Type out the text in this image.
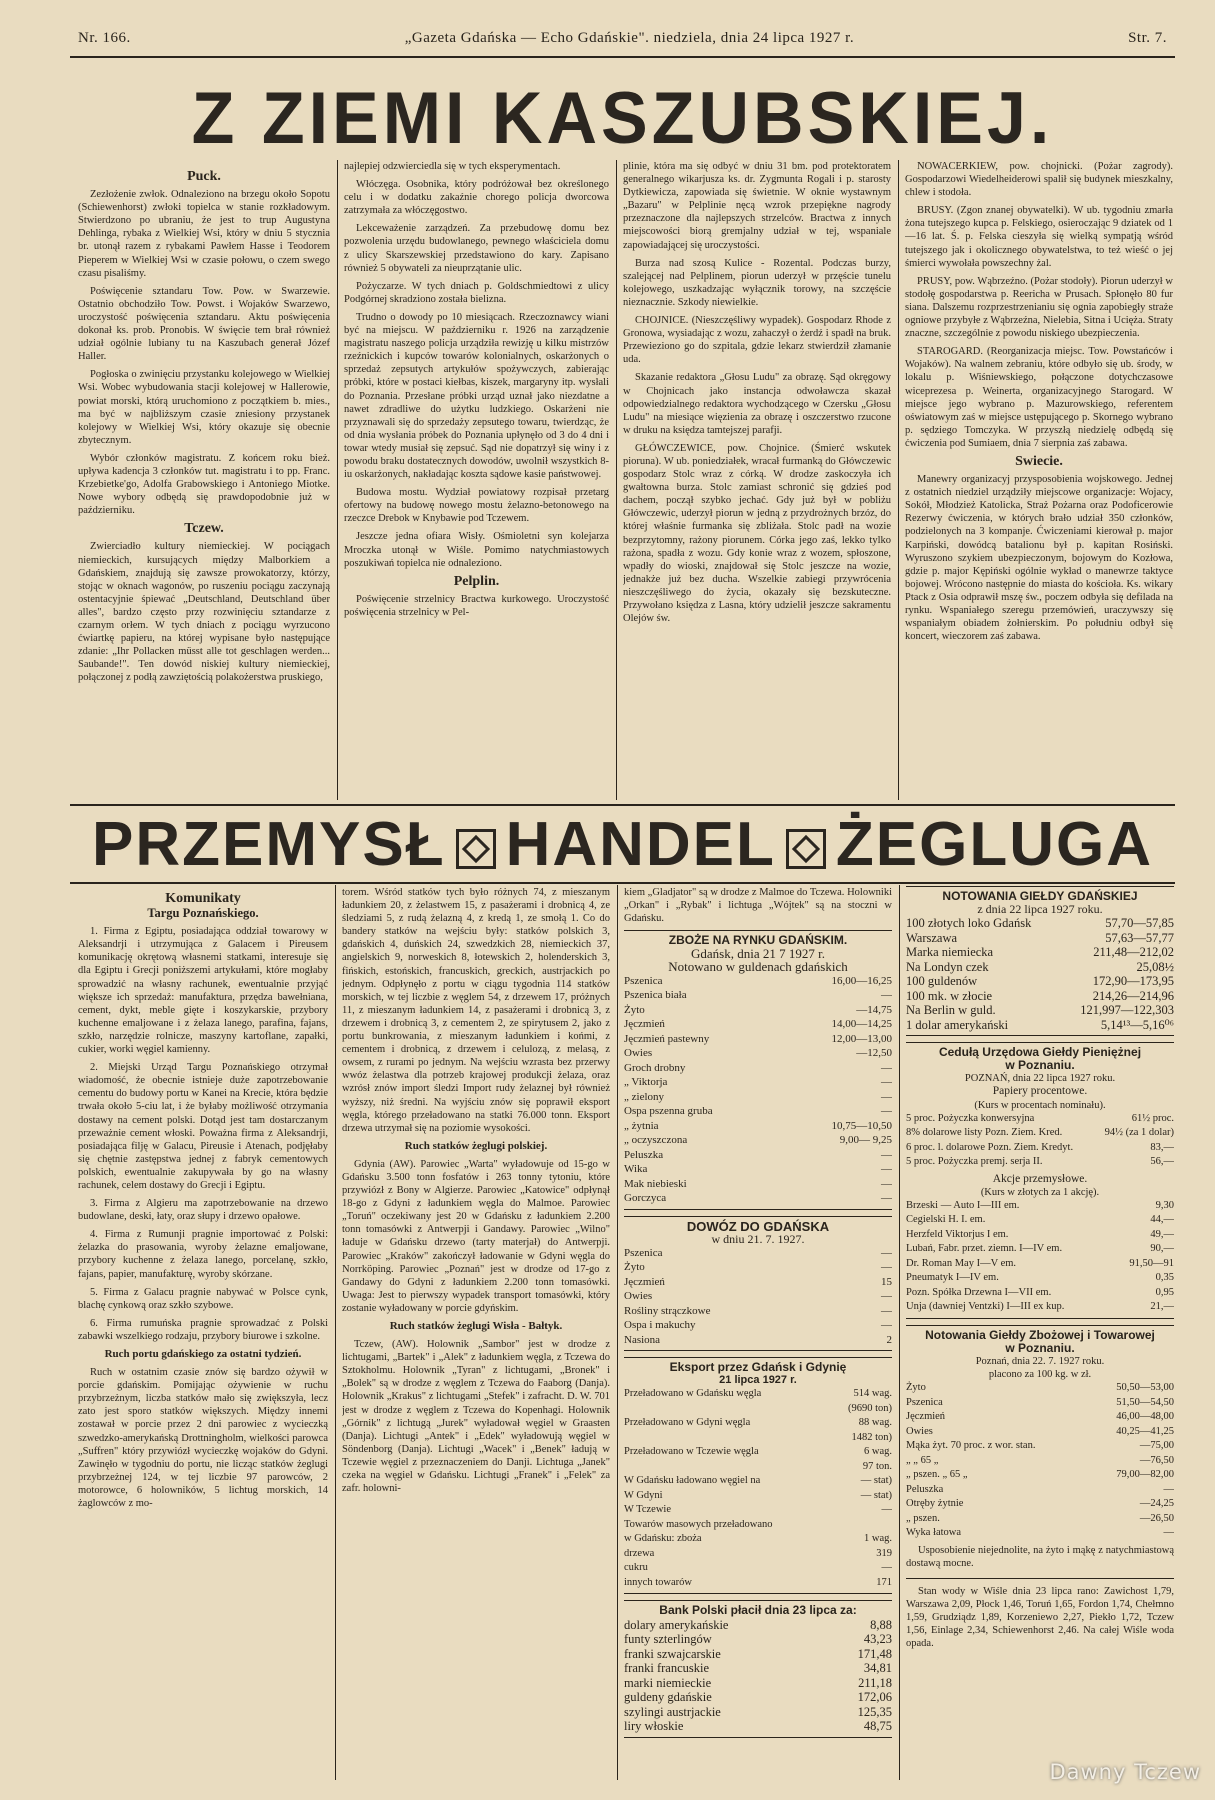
Nr. 166.	„Gazeta Gdańska — Echo Gdańskie". niedziela, dnia 24 lipca 1927 r.	Str. 7.
Z ZIEMI KASZUBSKIEJ.
Puck.

Zezłożenie zwłok. Odnaleziono na brzegu około Sopotu (Schiewenhorst) zwłoki topielca w stanie rozkładowym. Stwierdzono po ubraniu, że jest to trup Augustyna Dehlinga, rybaka z Wielkiej Wsi, który w dniu 5 stycznia br. utonął razem z rybakami Pawłem Hasse i Teodorem Pieperem w Wielkiej Wsi w czasie połowu, o czem swego czasu pisaliśmy.

Poświęcenie sztandaru Tow. Pow. w Swarzewie. Ostatnio obchodziło Tow. Powst. i Wojaków Swarzewo, uroczystość poświęcenia sztandaru. Aktu poświęcenia dokonał ks. prob. Pronobis. W święcie tem brał również udział ogólnie lubiany tu na Kaszubach generał Józef Haller.

Pogłoska o zwinięciu przystanku kolejowego w Wielkiej Wsi. Wobec wybudowania stacji kolejowej w Hallerowie, powiat morski, którą uruchomiono z początkiem b. mies., ma być w najbliższym czasie zniesiony przystanek kolejowy w Wielkiej Wsi, który okazuje się obecnie zbytecznym.

Wybór członków magistratu. Z końcem roku bież. upływa kadencja 3 członków tut. magistratu i to pp. Franc. Krzebietke'go, Adolfa Grabowskiego i Antoniego Miotke. Nowe wybory odbędą się prawdopodobnie już w październiku.

Tczew.

Zwierciadło kultury niemieckiej. W pociągach niemieckich, kursujących między Malborkiem a Gdańskiem, znajdują się zawsze prowokatorzy, którzy, stojąc w oknach wagonów, po ruszeniu pociągu zaczynają ostentacyjnie śpiewać „Deutschland, Deutschland über alles", bardzo często przy rozwinięciu sztandarze z czarnym orłem. W tych dniach z pociągu wyrzucono ćwiartkę papieru, na której wypisane było następujące zdanie: „Ihr Pollacken müsst alle tot geschlagen werden... Saubande!". Ten dowód niskiej kultury niemieckiej, połączonej z podłą zawziętością polakożerstwa pruskiego,

najlepiej odzwierciedla się w tych eksperymentach.

Włóczęga. Osobnika, który podróżował bez określonego celu i w dodatku zakaźnie chorego policja dworcowa zatrzymała za włóczęgostwo.

Lekceważenie zarządzeń. Za przebudowę domu bez pozwolenia urzędu budowlanego, pewnego właściciela domu z ulicy Skarszewskiej przedstawiono do kary. Zapisano również 5 obywateli za nieuprzątanie ulic.

Pożyczarze. W tych dniach p. Goldschmiedtowi z ulicy Podgórnej skradziono została bielizna.

Trudno o dowody po 10 miesiącach. Rzeczoznawcy wiani być na miejscu. W październiku r. 1926 na zarządzenie magistratu naszego policja urządziła rewizję u kilku mistrzów rzeźnickich i kupców towarów kolonialnych, oskarżonych o sprzedaż zepsutych artykułów spożywczych, zabierając próbki, które w postaci kiełbas, kiszek, margaryny itp. wysłali do Poznania. Przesłane próbki urząd uznał jako niezdatne a nawet zdradliwe do użytku ludzkiego. Oskarżeni nie przyznawali się do sprzedaży zepsutego towaru, twierdząc, że od dnia wysłania próbek do Poznania upłynęło od 3 do 4 dni i towar wtedy musiał się zepsuć. Sąd nie dopatrzył się winy i z powodu braku dostatecznych dowodów, uwolnił wszystkich 8-iu oskarżonych, nakładając koszta sądowe kasie państwowej.

Budowa mostu. Wydział powiatowy rozpisał przetarg ofertowy na budowę nowego mostu żelazno-betonowego na rzeczce Drebok w Knybawie pod Tczewem.

Jeszcze jedna ofiara Wisły. Ośmioletni syn kolejarza Mroczka utonął w Wiśle. Pomimo natychmiastowych poszukiwań topielca nie odnaleziono.

Pelplin.

Poświęcenie strzelnicy Bractwa kurkowego. Uroczystość poświęcenia strzelnicy w Pel-

plinie, która ma się odbyć w dniu 31 bm. pod protektoratem generalnego wikarjusza ks. dr. Zygmunta Rogali i p. starosty Dytkiewicza, zapowiada się świetnie. W oknie wystawnym „Bazaru" w Pelplinie nęcą wzrok przepiękne nagrody przeznaczone dla najlepszych strzelców. Bractwa z innych miejscowości biorą gremjalny udział w tej, wspaniale zapowiadającej się uroczystości.

Burza nad szosą Kulice - Rozental. Podczas burzy, szalejącej nad Pelplinem, piorun uderzył w przęście tunelu kolejowego, uszkadzając wyłącznik torowy, na szczęście nieznacznie. Szkody niewielkie.

CHOJNICE. (Nieszczęśliwy wypadek). Gospodarz Rhode z Gronowa, wysiadając z wozu, zahaczył o żerdź i spadł na bruk. Przewieziono go do szpitala, gdzie lekarz stwierdził złamanie uda.

Skazanie redaktora „Głosu Ludu" za obrazę. Sąd okręgowy w Chojnicach jako instancja odwoławcza skazał odpowiedzialnego redaktora wychodzącego w Czersku „Głosu Ludu" na miesiące więzienia za obrazę i oszczerstwo rzucone w druku na księdza tamtejszej parafji.

GŁÓWCZEWICE, pow. Chojnice. (Śmierć wskutek pioruna). W ub. poniedziałek, wracał furmanką do Główczewic gospodarz Stolc wraz z córką. W drodze zaskoczyła ich gwałtowna burza. Stolc zamiast schronić się gdzieś pod dachem, począł szybko jechać. Gdy już był w pobliżu Główczewic, uderzył piorun w jedną z przydrożnych brzóz, do której właśnie furmanka się zbliżała. Stolc padł na wozie bezprzytomny, rażony piorunem. Córka jego zaś, lekko tylko rażona, spadła z wozu. Gdy konie wraz z wozem, spłoszone, wpadły do wioski, znajdował się Stolc jeszcze na wozie, jednakże już bez ducha. Wszelkie zabiegi przywrócenia nieszczęśliwego do życia, okazały się bezskuteczne. Przywołano księdza z Lasna, który udzielił jeszcze sakramentu Olejów św.

NOWACERKIEW, pow. chojnicki. (Pożar zagrody). Gospodarzowi Wiedelheiderowi spalił się budynek mieszkalny, chlew i stodoła.

BRUSY. (Zgon znanej obywatelki). W ub. tygodniu zmarła żona tutejszego kupca p. Felskiego, osieroczając 9 dziatek od 1—16 lat. Ś. p. Felska cieszyła się wielką sympatją wśród tutejszego jak i okolicznego obywatelstwa, to też wieść o jej śmierci wywołała powszechny żal.

PRUSY, pow. Wąbrzeźno. (Pożar stodoły). Piorun uderzył w stodołę gospodarstwa p. Reericha w Prusach. Spłonęło 80 fur siana. Dalszemu rozprzestrzenianiu się ognia zapobiegły straże ogniowe przybyłe z Wąbrzeźna, Nielebia, Sitna i Ucięża. Straty znaczne, szczególnie z powodu niskiego ubezpieczenia.

STAROGARD. (Reorganizacja miejsc. Tow. Powstańców i Wojaków). Na walnem zebraniu, które odbyło się ub. środy, w lokalu p. Wiśniewskiego, połączone dotychczasowe wiceprezesa p. Weinerta, organizacyjnego Starogard. W miejsce jego wybrano p. Mazurowskiego, referentem oświatowym zaś w miejsce ustępującego p. Skornego wybrano p. sędziego Tomczyka. W przyszłą niedzielę odbędą się ćwiczenia pod Sumiaem, dnia 7 sierpnia zaś zabawa.

Swiecie.

Manewry organizacyj przysposobienia wojskowego. Jednej z ostatnich niedziel urządziły miejscowe organizacje: Wojacy, Sokół, Młodzież Katolicka, Straż Pożarna oraz Podoficerowie Rezerwy ćwiczenia, w których brało udział 350 członków, podzielonych na 3 kompanje. Ćwiczeniami kierował p. major Karpiński, dowódcą batalionu był p. kapitan Rosiński. Wyruszono szykiem ubezpieczonym, bojowym do Kozłowa, gdzie p. major Kępiński ogólnie wykład o manewrze taktyce bojowej. Wrócono następnie do miasta do kościoła. Ks. wikary Ptack z Osia odprawił mszę św., poczem odbyła się defilada na rynku. Wspaniałego szeregu przemówień, uraczywszy się wspaniałym obiadem żołnierskim. Po południu odbył się koncert, wieczorem zaś zabawa.

PRZEMYSŁ HANDEL ŻEGLUGA
Komunikaty
Targu Poznańskiego.

1. Firma z Egiptu, posiadająca oddział towarowy w Aleksandrji i utrzymująca z Galacem i Pireusem komunikację okrętową własnemi statkami, interesuje się dla Egiptu i Grecji poniższemi artykułami, które mogłaby sprowadzić na własny rachunek, ewentualnie przyjąć większe ich sprzedaż: manufaktura, przędza bawełniana, cement, dykt, meble gięte i koszykarskie, przybory kuchenne emaljowane i z żelaza lanego, parafina, fajans, szkło, narzędzie rolnicze, maszyny kartoflane, zapałki, cukier, worki węgiel kamienny.

2. Miejski Urząd Targu Poznańskiego otrzymał wiadomość, że obecnie istnieje duże zapotrzebowanie cementu do budowy portu w Kanei na Krecie, która będzie trwała około 5-ciu lat, i że byłaby możliwość otrzymania dostawy na cement polski. Dotąd jest tam dostarczanym przeważnie cement włoski. Poważna firma z Aleksandrji, posiadająca filję w Galacu, Pireusie i Atenach, podjęłaby się chętnie zastępstwa jednej z fabryk cementowych polskich, ewentualnie zakupywała by go na własny rachunek, celem dostawy do Grecji i Egiptu.

3. Firma z Algieru ma zapotrzebowanie na drzewo budowlane, deski, łaty, oraz słupy i drzewo opałowe.

4. Firma z Rumunji pragnie importować z Polski: żelazka do prasowania, wyroby żelazne emaljowane, przybory kuchenne z żelaza lanego, porcelanę, szkło, fajans, papier, manufakturę, wyroby skórzane.

5. Firma z Galacu pragnie nabywać w Polsce cynk, blachę cynkową oraz szkło szybowe.

6. Firma rumuńska pragnie sprowadzać z Polski zabawki wszelkiego rodzaju, przybory biurowe i szkolne.

Ruch portu gdańskiego za ostatni tydzień.

Ruch w ostatnim czasie znów się bardzo ożywił w porcie gdańskim. Pomijając ożywienie w ruchu przybrzeżnym, liczba statków mało się zwiększyła, lecz zato jest sporo statków większych. Między innemi zostawał w porcie przez 2 dni parowiec z wycieczką szwedzko-amerykańską Drottningholm, wielkości parowca „Suffren" który przywiózł wycieczkę wojaków do Gdyni. Zawinęło w tygodniu do portu, nie licząc statków żeglugi przybrzeżnej 124, w tej liczbie 97 parowców, 2 motorowce, 6 holowników, 5 lichtug morskich, 14 żaglowców z mo-

torem. Wśród statków tych było różnych 74, z mieszanym ładunkiem 20, z żelastwem 15, z pasażerami i drobnicą 4, ze śledziami 5, z rudą żelazną 4, z kredą 1, ze smołą 1. Co do bandery statków na wejściu były: statków polskich 3, gdańskich 4, duńskich 24, szwedzkich 28, niemieckich 37, angielskich 9, norweskich 8, łotewskich 2, holenderskich 3, fińskich, estońskich, francuskich, greckich, austrjackich po jednym. Odpłynęło z portu w ciągu tygodnia 114 statków morskich, w tej liczbie z węglem 54, z drzewem 17, próżnych 11, z mieszanym ładunkiem 14, z pasażerami i drobnicą 3, z drzewem i drobnicą 3, z cementem 2, ze spirytusem 2, jako z portu bunkrowania, z mieszanym ładunkiem i końmi, z cementem i drobnicą, z drzewem i celulozą, z melasą, z owsem, z rurami po jednym. Na wejściu wzrasta bez przerwy wwóz żelastwa dla potrzeb krajowej produkcji żelaza, oraz wzrósł znów import śledzi Import rudy żelaznej był również wyższy, niż średni. Na wyjściu znów się poprawił eksport węgla, którego przeładowano na statki 76.000 tonn. Eksport drzewa utrzymał się na poziomie wysokości.

Ruch statków żeglugi polskiej.

Gdynia (AW). Parowiec „Warta" wyładowuje od 15-go w Gdańsku 3.500 tonn fosfatów i 263 tonny tytoniu, które przywiózł z Bony w Algierze. Parowiec „Katowice" odpłynął 18-go z Gdyni z ładunkiem węgla do Malmoe. Parowiec „Toruń" oczekiwany jest 20 w Gdańsku z ładunkiem 2.200 tonn tomasówki z Antwerpji i Gandawy. Parowiec „Wilno" ładuje w Gdańsku drzewo (tarty materjał) do Antwerpji. Parowiec „Kraków" zakończył ładowanie w Gdyni węgla do Norrköping. Parowiec „Poznań" jest w drodze od 17-go z Gandawy do Gdyni z ładunkiem 2.200 tonn tomasówki. Uwaga: Jest to pierwszy wypadek transport tomasówki, który zostanie wyładowany w porcie gdyńskim.

Ruch statków żeglugi Wisła - Bałtyk.

Tczew, (AW). Holownik „Sambor" jest w drodze z lichtugami, „Bartek" i „Alek" z ładunkiem węgla, z Tczewa do Sztokholmu. Holownik „Tyran" z lichtugami, „Bronek" i „Bolek" są w drodze z węglem z Tczewa do Faaborg (Danja). Holownik „Krakus" z lichtugami „Stefek" i zafracht. D. W. 701 jest w drodze z węglem z Tczewa do Kopenhagi. Holownik „Górnik" z lichtugą „Jurek" wyładował węgiel w Graasten (Danja). Lichtugi „Antek" i „Edek" wyładowują węgiel w Söndenborg (Danja). Lichtugi „Wacek" i „Benek" ładują w Tczewie węgiel z przeznaczeniem do Danji. Lichtuga „Janek" czeka na węgiel w Gdańsku. Lichtugi „Franek" i „Felek" za zafr. holowni-

kiem „Gladjator" są w drodze z Malmoe do Tczewa. Holowniki „Orkan" i „Rybak" i lichtuga „Wójtek" są na stoczni w Gdańsku.

ZBOŻE NA RYNKU GDAŃSKIM.
Gdańsk, dnia 21 7 1927 r.
Notowano w guldenach gdańskich
Pszenica	16,00—16,25
Pszenica biała	—
Żyto	—14,75
Jęczmień	14,00—14,25
Jęczmień pastewny	12,00—13,00
Owies	—12,50
Groch drobny	—
„ Viktorja	—
„ zielony	—
Ospa pszenna gruba	—
„ żytnia	10,75—10,50
„ oczyszczona	9,00— 9,25
Peluszka	—
Wika	—
Mak niebieski	—
Gorczyca	—
DOWÓZ DO GDAŃSKA
w dniu 21. 7. 1927.
Pszenica	—
Żyto	—
Jęczmień	15
Owies	—
Rośliny strączkowe	—
Ospa i makuchy	—
Nasiona	2
Eksport przez Gdańsk i Gdynię
21 lipca 1927 r.
Przeładowano w Gdańsku węgla	514 wag.
(9690 ton)
Przeładowano w Gdyni węgla	88 wag.
1482 ton)
Przeładowano w Tczewie węgla	6 wag.
97 ton.
W Gdańsku ładowano węgiel na	— stat)
W Gdyni	— stat)
W Tczewie	—
Towarów masowych przeładowano
w Gdańsku: zboża	1 wag.
drzewa	319
cukru	—
innych towarów	171
Bank Polski płacił dnia 23 lipca za:
dolary amerykańskie	8,88
funty szterlingów	43,23
franki szwajcarskie	171,48
franki francuskie	34,81
marki niemieckie	211,18
guldeny gdańskie	172,06
szylingi austrjackie	125,35
liry włoskie	48,75
NOTOWANIA GIEŁDY GDAŃSKIEJ
z dnia 22 lipca 1927 roku.
100 złotych loko Gdańsk	57,70—57,85
Warszawa	57,63—57,77
Marka niemiecka	211,48—212,02
Na Londyn czek	25,08½
100 guldenów	172,90—173,95
100 mk. w złocie	214,26—214,96
Na Berlin w guld.	121,997—122,303
1 dolar amerykański	5,14¹³—5,16⁰⁶
Cedułą Urzędowa Giełdy Pieniężnej
w Poznaniu.
POZNAŃ, dnia 22 lipca 1927 roku.
Papiery procentowe.
(Kurs w procentach nominału).
5 proc. Pożyczka konwersyjna	61½ proc.
8% dolarowe listy Pozn. Ziem. Kred.	94½ (za 1 dolar)
6 proc. l. dolarowe Pozn. Ziem. Kredyt.	83,—
5 proc. Pożyczka premj. serja II.	56,—
Akcje przemysłowe.
(Kurs w złotych za 1 akcję).
Brzeski — Auto I—III em.	9,30
Cegielski H. I. em.	44,—
Herzfeld Viktorjus I em.	49,—
Lubań, Fabr. przet. ziemn. I—IV em.	90,—
Dr. Roman May I—V em.	91,50—91
Pneumatyk I—IV em.	0,35
Pozn. Spółka Drzewna I—VII em.	0,95
Unja (dawniej Ventzki) I—III ex kup.	21,—
Notowania Giełdy Zbożowej i Towarowej
w Poznaniu.
Poznań, dnia 22. 7. 1927 roku.
placono za 100 kg. w zł.
Żyto	50,50—53,00
Pszenica	51,50—54,50
Jęczmień	46,00—48,00
Owies	40,25—41,25
Mąka żyt. 70 proc. z wor. stan.	—75,00
„ „ 65 „	—76,50
„ pszen. „ 65 „	79,00—82,00
Peluszka	—
Otręby żytnie	—24,25
„ pszen.	—26,50
Wyka łatowa	—

Usposobienie niejednolite, na żyto i mąkę z natychmiastową dostawą mocne.

Stan wody w Wiśle dnia 23 lipca rano: Zawichost 1,79, Warszawa 2,09, Płock 1,46, Toruń 1,65, Fordon 1,74, Chełmno 1,59, Grudziądz 1,89, Korzeniewo 2,27, Piekło 1,72, Tczew 1,56, Einlage 2,34, Schiewenhorst 2,46. Na całej Wiśle woda opada.

Dawny Tczew
